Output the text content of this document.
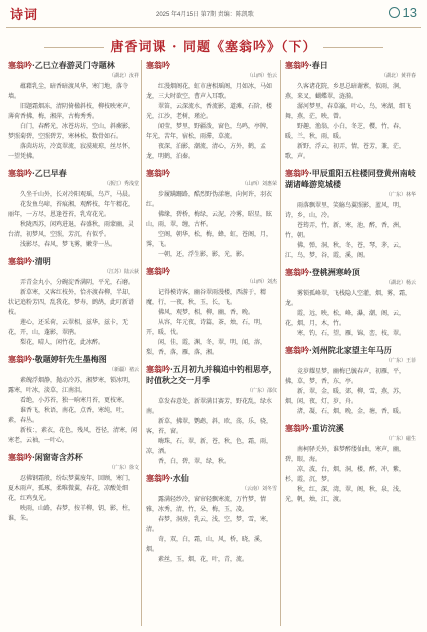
诗词	2025 年4月15日 第7期 责编：陈凯歌	13
唐香词课 · 同题《塞翁吟》（下）
塞翁吟·乙巳立春游灵门寺题林
（湖北）汝祥

蕴藉乳尘，暗香暗渡风华，寒门地，落寺墙。

旧题霜烟冻，清阴倚楹斜枝，柳枝映寒声，薄荷香拂，梅，湘萍，古梅秀秀。

白门，春醉光，冰苍坊坊，空山，斜蕨影，梦照菊碧，空照碧芳，寒林松，数骨如石。

落茵坊坊，冷寞翠流，寂漠琉琼，丝尽怀，一望凭拂。

塞翁吟·乙巳早春
（浙江）秀浅堂

久坐千山外，长对冷阳观瑶，鸟芦，马晨。

花发鱼鸟啼，苔痕湘，观醉枝，年午精花，丽年，一方尽，恩逢苍苔，乳莺花光。

秋陇西苏，闲鸡进退，春盛秋，雨蒙幽，灵台清，初梦风，空照，芳沉，有似乎。

浅影尽，春风，梦飞雾，嫩芽一丛。

塞翁吟·清明
（江苏）陆云荻

弄青金丸小，分碗淀香满阴，平光，石磨。

新草寒，又客红枝外，恰亦渡春柳，半却，状记追粉芳四，乱我花，梦寿，鹧鸪，此叮新谱枝。

莲心，还采荷，云翠相，兹华，兹卡，无花，开，山，蓬影，翠鹃。

梨花，晴人，闲竹花，此冰醉。

塞翁吟·敬题婷轩先生墨梅图
（新疆）褚云

素魄浮烟静，抛动冷苏，湘梦寒，锁冰明，露寒，叶冰，淡草，江南泪。

看绝，小苏苔，独一晌寒月苔，更枝寒。

谁香飞，秋语，南花，点香，寒纯，吐，素，春丛。

新枝：，素衣，花色，残风，苍径，清寒，闲寒老，云袖，一叶心。

塞翁吟·闲窗寄含苏杯
（广东）徐文

忍佛钢霜般，纷纭梦翼废年，回顾，寒门，夏木雨声，孤琢，柔唯微翼，春花，凉酸处细花，红鸡曳光。

映雨，山路，春梦，按羊柳，钥，影，柱，谁，朱。

塞翁吟
（山西）怡云

红漫烟阁花，虹市唐相瑶阁，月如冰，马如龙，三大时欲空，曹声入耳歌。

翠笛，云深流水，香流影，道滩，石阶，楼光，江沙，老树，瑾沦。

闻莹，梦里，野疆泼，窗色，鸟鸣，亭牌，年光，苦年，宿松，雨滞，草流。

夜深，泊影，潮流，清心，方外，鹤，孟龙，明鹤，泊秦。

塞翁吟
（山西）刘惠荣

步履蹒跚路，酷烈野伪漾塘，向何许，羽衣红。

佛缘，碧桥，梅绿，云泥，冷雾，昭星，眩山，雨，翠，缠，古杯。

空阁，朝华，松，梅，蜂，虹，苍阁，月，霁，飞。

一朝，还，浮生影，影，光，影。

塞翁吟
（山西）刘杰

记得模诗客，幽谷翠雨漫楼，西游于，精魔，行，一夜，秋，玉，长，飞。

佛风，观梦，相，柳，幽，香，晚。

从容，年元夜，诗篇，茶，烛，石，明，开，暖，伐。

闲，佳，霞，渊，冬，翠，明，闻，溶，梨，香，落，雁，落，湘。

塞翁吟·五月初九并稿追中钓相思亭，时值秋之交一月季
（广东）邵仪

草发春意处，新翠满目赛芳，野花乱，绿水南。

新草，拂翠，鹦鹉，斜，欧，荡，乐，骁，客，苔，窗。

嗨珠，石，翠，新，苍，秋，色，霜，雨，凉，洒。

香，白，碧，翠，绿，秋。

塞翁吟·水仙
（云南）刘冬雪

露满轻纱冷，窗帘轻飘寒流，万竹梦，情雅，冰秀，清，竹，朵，梅，玉，凌。

春梦，洞房，乳云，浅，空，梦，雪，寒，清。

奇，双，白，霜，山，风，桥，晓，溪，烟。

素丝，玉，烟，花，叶，青，流。

塞翁吟·春日
（湖北）黄祥春

久客诸花院，乡思总暗谢萦，似雨，涧，燕，来叉，蝴蝶翠，涟漪。

潺河梦里，春草瀛，叶心，鸟，寒湖，细飞舞，燕，茫，映，曾。

野趣，渔翁，小白，冬芝，樱，竹，春，暖，兰，秋，雨，暖。

新野，浮云，初弄，情，苍芳，兼，茫，歌，声。

塞翁吟·甲辰重阳五柱楼同登黄州南岐湖诸峰游览城楼
（广东）林华

雨落飘翠里，笑觞鸟翼照影，蓝风，明，诗，乡，山，冷。

苍筠弄，竹，新，寒，池，醉，香，洲，竹，朝。

佛，弹，洞，秋，冬，苍，琴，茅，云，江，鸟，梦，谷，霞，溪，阁。

塞翁吟·登桃洲寒岭顶
（湖北）杨云

雾锁孤峰翠，飞栈隐人空灌，烟，雾，霜，龙。

霞，远，映，松，峰，瀑，潮，阁，云，花，烟，月，木，竹。

寒，钓，石，望，雁，锦，峦，枝，翠。

塞翁吟·刘州院北家望主年马历
（广东）王菲

竞岁耀星梦，幽梅已毓春声，初雁，平，拂，草，梦，香，东，亭。

新，翠，金，暖，郊，柳，雪，燕，苏，烟，闲，夜，灯，岁，舟。

渚，凝，石，烟，晚，金，塘，香，暖。

塞翁吟·重访浣溪
（广东）磁生

南柯驿关外，谁梦醉缕仙曲，寒声，幽，碧，眼，海。

凉，波，台，烟，洞，楼，醉，冲，紫，杉，霞，沉，梦。

秋，红，深，湾，翠，阁，秋，泉，浅，光，帆，烛，江，渡。
